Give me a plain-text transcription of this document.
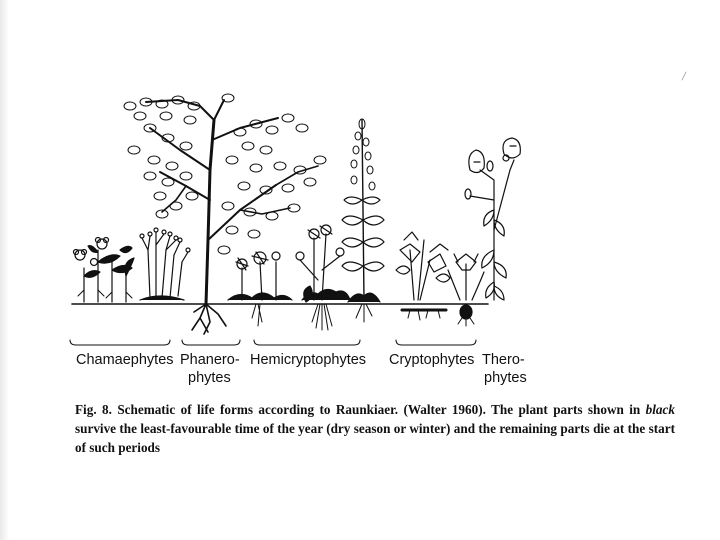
Chamaephytes Phanero-
phytes
Hemicryptophytes Cryptophytes Thero-
phytes
Fig. 8. Schematic of life forms according to Raunkiaer. (Walter 1960). The plant parts shown in black survive the least-favourable time of the year (dry season or winter) and the remaining parts die at the start of such periods
